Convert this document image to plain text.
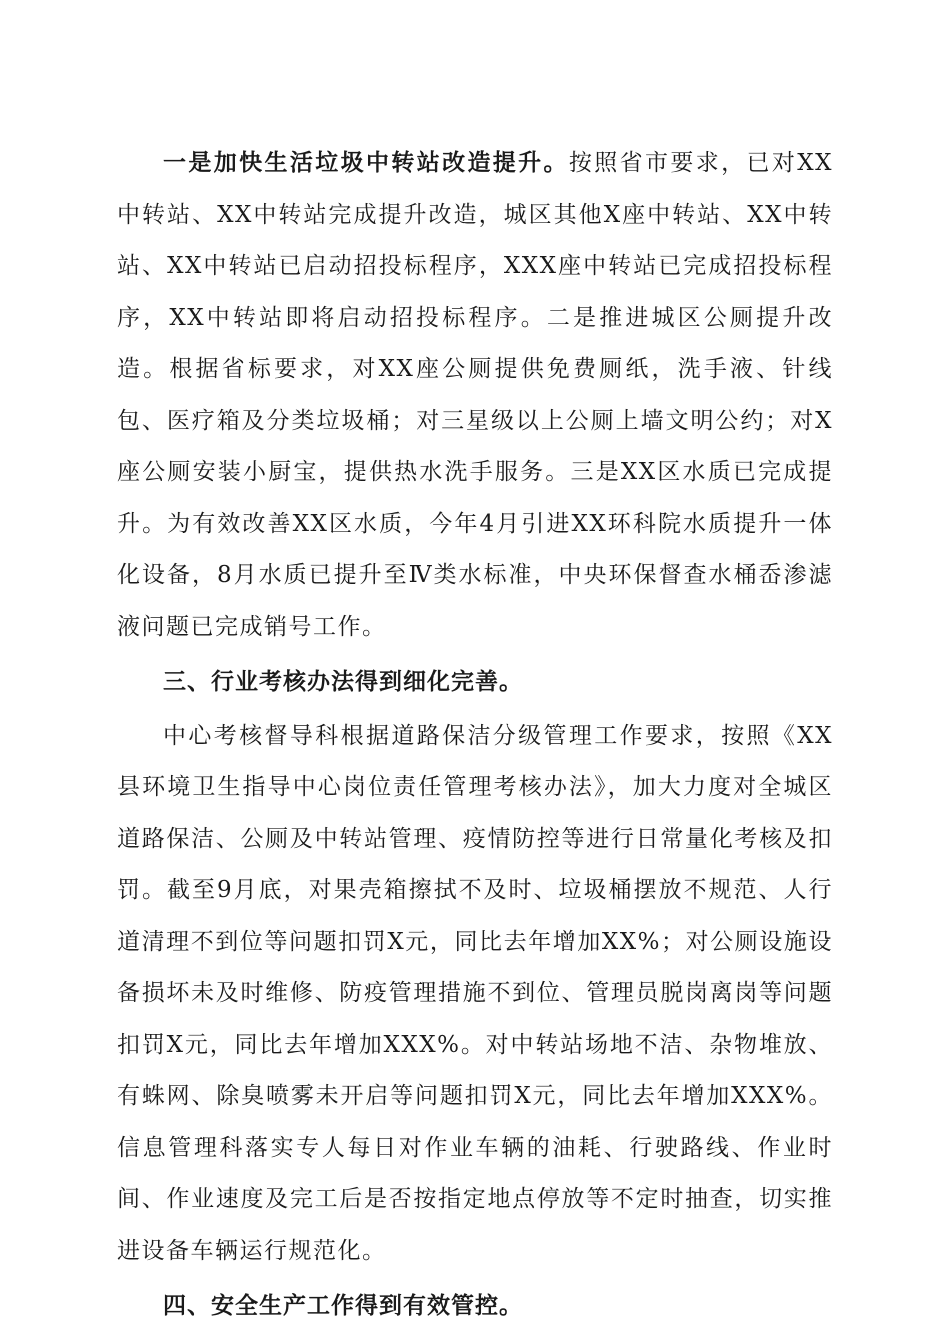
一是加快生活垃圾中转站改造提升。按照省市要求，已对XX中转站、XX中转站完成提升改造，城区其他X座中转站、XX中转站、XX中转站已启动招投标程序，XXX座中转站已完成招投标程序，XX中转站即将启动招投标程序。二是推进城区公厕提升改造。根据省标要求，对XX座公厕提供免费厕纸，洗手液、针线包、医疗箱及分类垃圾桶；对三星级以上公厕上墙文明公约；对X座公厕安装小厨宝，提供热水洗手服务。三是XX区水质已完成提升。为有效改善XX区水质，今年4月引进XX环科院水质提升一体化设备，8月水质已提升至Ⅳ类水标准，中央环保督查水桶岙渗滤液问题已完成销号工作。

三、行业考核办法得到细化完善。

中心考核督导科根据道路保洁分级管理工作要求，按照《XX县环境卫生指导中心岗位责任管理考核办法》，加大力度对全城区道路保洁、公厕及中转站管理、疫情防控等进行日常量化考核及扣罚。截至9月底，对果壳箱擦拭不及时、垃圾桶摆放不规范、人行道清理不到位等问题扣罚X元，同比去年增加XX%；对公厕设施设备损坏未及时维修、防疫管理措施不到位、管理员脱岗离岗等问题扣罚X元，同比去年增加XXX%。对中转站场地不洁、杂物堆放、有蛛网、除臭喷雾未开启等问题扣罚X元，同比去年增加XXX%。信息管理科落实专人每日对作业车辆的油耗、行驶路线、作业时间、作业速度及完工后是否按指定地点停放等不定时抽查，切实推进设备车辆运行规范化。

四、安全生产工作得到有效管控。
